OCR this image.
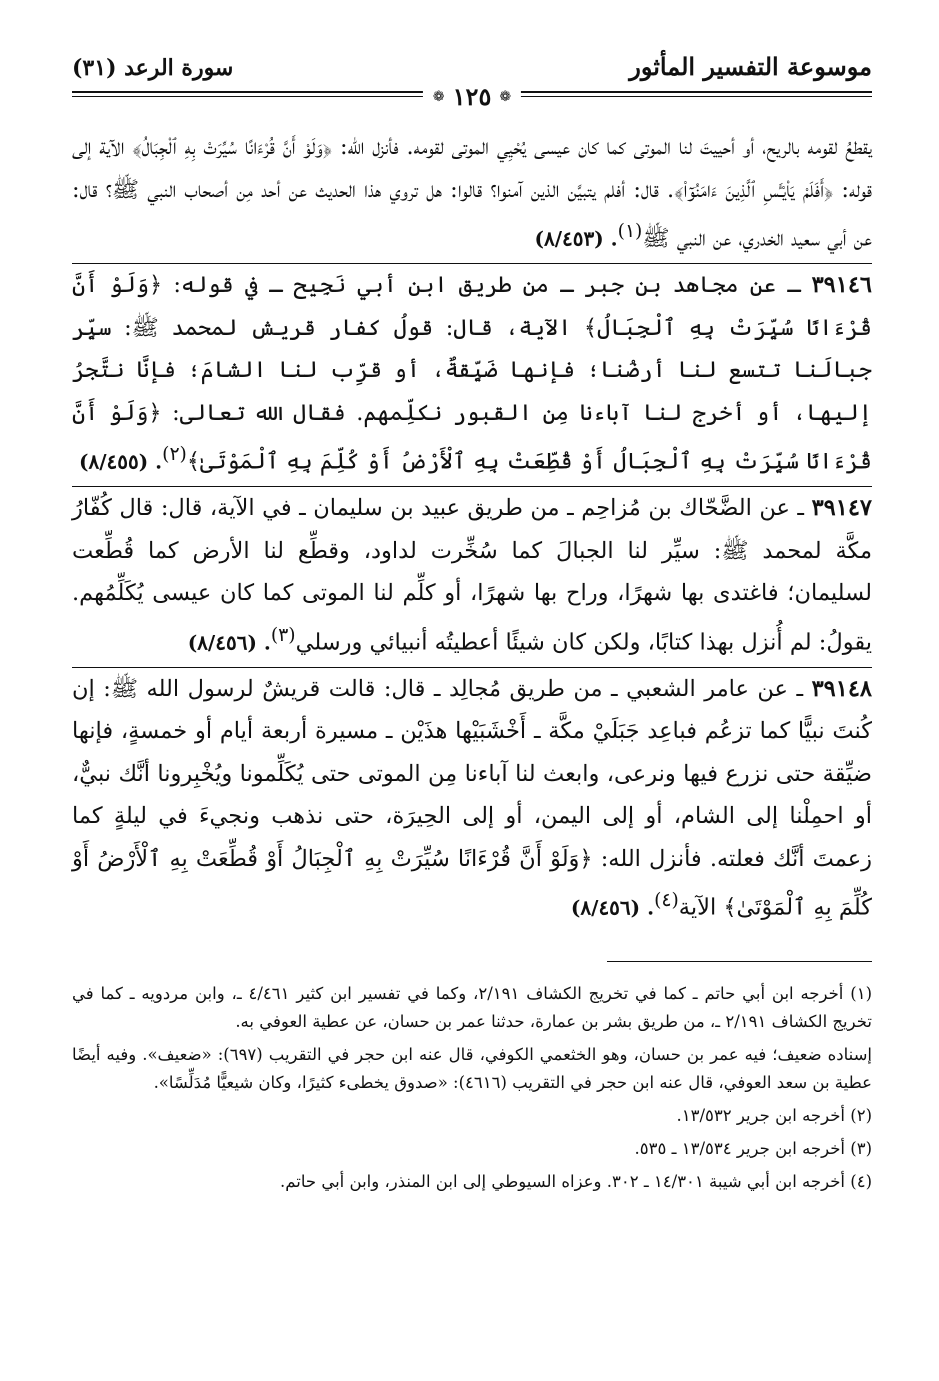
موسوعة التفسير المأثور
سورة الرعد (٣١)
❁
١٢٥
❁

يقطعُ لقومه بالريح، أو أحييتَ لنا الموتى كما كان عيسى يُحْيِي الموتى لقومه. فأنزل الله: ﴿وَلَوْ أَنَّ قُرْءَانًا سُيِّرَتْ بِهِ ٱلْجِبَالُ﴾ الآية إلى قوله: ﴿أَفَلَمْ يَاْيْـَٔسِ ٱلَّذِينَ ءَامَنُوٓا۟﴾. قال: أفلم يتبيَّن الذين آمنوا؟ قالوا: هل تروي هذا الحديث عن أحد مِن أصحاب النبي ﷺ؟ قال: عن أبي سعيد الخدري، عن النبي ﷺ$^{(١)}$. (٨/٤٥٣)

٣٩١٤٦ ـ عن مجاهد بن جبر ـ من طريق ابن أبي نَجِيح ـ في قوله: ﴿وَلَوْ أَنَّ قُرْءَانًا سُيِّرَتْ بِهِ ٱلْجِبَالُ﴾ الآية، قال: قولُ كفار قريش لمحمد ﷺ: سيِّر جبالَنا تتسع لنا أرضُنا؛ فإنها ضَيِّقةٌ، أو قرِّب لنا الشامَ؛ فإنَّا نتَّجرُ إليها، أو أخرج لنا آباءنا مِن القبور نكلِّمهم. فقال الله تعالى: ﴿وَلَوْ أَنَّ قُرْءَانًا سُيِّرَتْ بِهِ ٱلْجِبَالُ أَوْ قُطِّعَتْ بِهِ ٱلْأَرْضُ أَوْ كُلِّمَ بِهِ ٱلْمَوْتَىٰ﴾$^{(٢)}$. (٨/٤٥٥)

٣٩١٤٧ ـ عن الضَّحّاك بن مُزاحِم ـ من طريق عبيد بن سليمان ـ في الآية، قال: قال كُفّارُ مكَّة لمحمد ﷺ: سيِّر لنا الجبالَ كما سُخِّرت لداود، وقطِّع لنا الأرض كما قُطِّعت لسليمان؛ فاغتدى بها شهرًا، وراح بها شهرًا، أو كلِّم لنا الموتى كما كان عيسى يُكَلِّمُهم. يقولُ: لم أُنزل بهذا كتابًا، ولكن كان شيئًا أعطيتُه أنبيائي ورسلي$^{(٣)}$. (٨/٤٥٦)

٣٩١٤٨ ـ عن عامر الشعبي ـ من طريق مُجالِد ـ قال: قالت قريشٌ لرسول الله ﷺ: إن كُنتَ نبيًّا كما تزعُم فباعِد جَبَلَيْ مكَّة ـ أَخْشَبَيْها هذَيْن ـ مسيرة أربعة أيام أو خمسةٍ، فإنها ضيِّقة حتى نزرع فيها ونرعى، وابعث لنا آباءنا مِن الموتى حتى يُكَلِّمونا ويُخْبِرونا أنَّك نبيٌّ، أو احمِلْنا إلى الشام، أو إلى اليمن، أو إلى الحِيرَة، حتى نذهب ونجيءَ في ليلةٍ كما زعمتَ أنَّك فعلته. فأنزل الله: ﴿وَلَوْ أَنَّ قُرْءَانًا سُيِّرَتْ بِهِ ٱلْجِبَالُ أَوْ قُطِّعَتْ بِهِ ٱلْأَرْضُ أَوْ كُلِّمَ بِهِ ٱلْمَوْتَىٰ﴾ الآية$^{(٤)}$. (٨/٤٥٦)

(١) أخرجه ابن أبي حاتم ـ كما في تخريج الكشاف ٢/١٩١، وكما في تفسير ابن كثير ٤/٤٦١ ـ، وابن مردويه ـ كما في تخريج الكشاف ٢/١٩١ ـ، من طريق بشر بن عمارة، حدثنا عمر بن حسان، عن عطية العوفي به.

إسناده ضعيف؛ فيه عمر بن حسان، وهو الخثعمي الكوفي، قال عنه ابن حجر في التقريب (٦٩٧): «ضعيف». وفيه أيضًا عطية بن سعد العوفي، قال عنه ابن حجر في التقريب (٤٦١٦): «صدوق يخطىء كثيرًا، وكان شيعيًّا مُدَلِّسًا».

(٢) أخرجه ابن جرير ١٣/٥٣٢.

(٣) أخرجه ابن جرير ١٣/٥٣٤ ـ ٥٣٥.

(٤) أخرجه ابن أبي شيبة ١٤/٣٠١ ـ ٣٠٢. وعزاه السيوطي إلى ابن المنذر، وابن أبي حاتم.
